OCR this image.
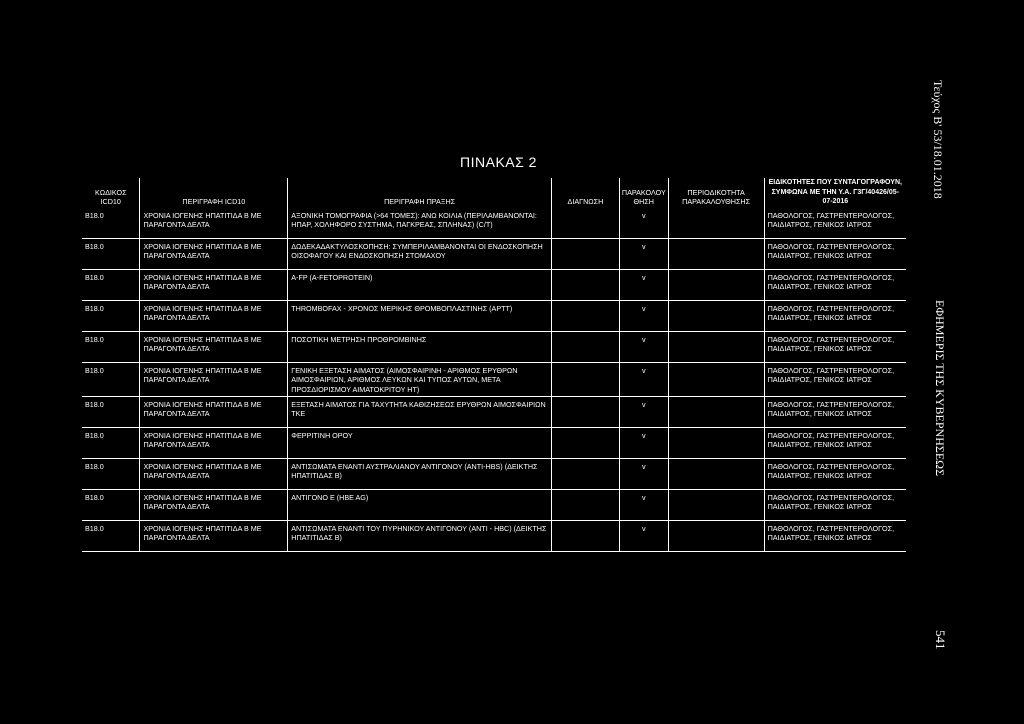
ΠΙΝΑΚΑΣ 2	Τεύχος Β' 53/18.01.2018
ΕΦΗΜΕΡΙΣ ΤΗΣ ΚΥΒΕΡΝΗΣΕΩΣ
541
ΚΩΔΙΚΟΣ ICD10	ΠΕΡΙΓΡΑΦΗ ICD10	ΠΕΡΙΓΡΑΦΗ ΠΡΑΞΗΣ	ΔΙΑΓΝΩΣΗ	ΠΑΡΑΚΟΛΟΥ ΘΗΣΗ	ΠΕΡΙΟΔΙΚΟΤΗΤΑ ΠΑΡΑΚΑΛΟΥΘΗΣΗΣ	ΕΙΔΙΚΟΤΗΤΕΣ ΠΟΥ ΣΥΝΤΑΓΟΓΡΑΦΟΥΝ, ΣΥΜΦΩΝΑ ΜΕ ΤΗΝ Υ.Α. Γ3Γ/40426/05-07-2016
B18.0	ΧΡΟΝΙΑ ΙΟΓΕΝΗΣ ΗΠΑΤΙΤΙΔΑ Β ΜΕ ΠΑΡΑΓΟΝΤΑ ΔΕΛΤΑ	ΑΞΟΝΙΚΗ ΤΟΜΟΓΡΑΦΙΑ (>64 ΤΟΜΕΣ): ΑΝΩ ΚΟΙΛΙΑ (ΠΕΡΙΛΑΜΒΑΝΟΝΤΑΙ: ΗΠΑΡ, ΧΟΛΗΦΟΡΟ ΣΥΣΤΗΜΑ, ΠΑΓΚΡΕΑΣ, ΣΠΛΗΝΑΣ) (C/T)		v		ΠΑΘΟΛΟΓΟΣ, ΓΑΣΤΡΕΝΤΕΡΟΛΟΓΟΣ, ΠΑΙΔΙΑΤΡΟΣ, ΓΕΝΙΚΟΣ ΙΑΤΡΟΣ
B18.0	ΧΡΟΝΙΑ ΙΟΓΕΝΗΣ ΗΠΑΤΙΤΙΔΑ Β ΜΕ ΠΑΡΑΓΟΝΤΑ ΔΕΛΤΑ	ΔΩΔΕΚΑΔΑΚΤΥΛΟΣΚΟΠΗΣΗ: ΣΥΜΠΕΡΙΛΑΜΒΑΝΟΝΤΑΙ ΟΙ ΕΝΔΟΣΚΟΠΗΣΗ ΟΙΣΟΦΑΓΟΥ ΚΑΙ ΕΝΔΟΣΚΟΠΗΣΗ ΣΤΟΜΑΧΟΥ		v		ΠΑΘΟΛΟΓΟΣ, ΓΑΣΤΡΕΝΤΕΡΟΛΟΓΟΣ, ΠΑΙΔΙΑΤΡΟΣ, ΓΕΝΙΚΟΣ ΙΑΤΡΟΣ
B18.0	ΧΡΟΝΙΑ ΙΟΓΕΝΗΣ ΗΠΑΤΙΤΙΔΑ Β ΜΕ ΠΑΡΑΓΟΝΤΑ ΔΕΛΤΑ	A-FP (A-FETOPROTEIN)		v		ΠΑΘΟΛΟΓΟΣ, ΓΑΣΤΡΕΝΤΕΡΟΛΟΓΟΣ, ΠΑΙΔΙΑΤΡΟΣ, ΓΕΝΙΚΟΣ ΙΑΤΡΟΣ
B18.0	ΧΡΟΝΙΑ ΙΟΓΕΝΗΣ ΗΠΑΤΙΤΙΔΑ Β ΜΕ ΠΑΡΑΓΟΝΤΑ ΔΕΛΤΑ	THROMBOFAX - ΧΡΟΝΟΣ ΜΕΡΙΚΗΣ ΘΡΟΜΒΟΠΛΑΣΤΙΝΗΣ (APTT)		v		ΠΑΘΟΛΟΓΟΣ, ΓΑΣΤΡΕΝΤΕΡΟΛΟΓΟΣ, ΠΑΙΔΙΑΤΡΟΣ, ΓΕΝΙΚΟΣ ΙΑΤΡΟΣ
B18.0	ΧΡΟΝΙΑ ΙΟΓΕΝΗΣ ΗΠΑΤΙΤΙΔΑ Β ΜΕ ΠΑΡΑΓΟΝΤΑ ΔΕΛΤΑ	ΠΟΣΟΤΙΚΗ ΜΕΤΡΗΣΗ ΠΡΟΘΡΟΜΒΙΝΗΣ		v		ΠΑΘΟΛΟΓΟΣ, ΓΑΣΤΡΕΝΤΕΡΟΛΟΓΟΣ, ΠΑΙΔΙΑΤΡΟΣ, ΓΕΝΙΚΟΣ ΙΑΤΡΟΣ
B18.0	ΧΡΟΝΙΑ ΙΟΓΕΝΗΣ ΗΠΑΤΙΤΙΔΑ Β ΜΕ ΠΑΡΑΓΟΝΤΑ ΔΕΛΤΑ	ΓΕΝΙΚΗ ΕΞΕΤΑΣΗ ΑΙΜΑΤΟΣ (ΑΙΜΟΣΦΑΙΡΙΝΗ - ΑΡΙΘΜΟΣ ΕΡΥΘΡΩΝ ΑΙΜΟΣΦΑΙΡΙΩΝ, ΑΡΙΘΜΟΣ ΛΕΥΚΩΝ ΚΑΙ ΤΥΠΟΣ ΑΥΤΩΝ, ΜΕΤΑ ΠΡΟΣΔΙΟΡΙΣΜΟΥ ΑΙΜΑΤΟΚΡΙΤΟΥ ΗΤ)		v		ΠΑΘΟΛΟΓΟΣ, ΓΑΣΤΡΕΝΤΕΡΟΛΟΓΟΣ, ΠΑΙΔΙΑΤΡΟΣ, ΓΕΝΙΚΟΣ ΙΑΤΡΟΣ
B18.0	ΧΡΟΝΙΑ ΙΟΓΕΝΗΣ ΗΠΑΤΙΤΙΔΑ Β ΜΕ ΠΑΡΑΓΟΝΤΑ ΔΕΛΤΑ	ΕΞΕΤΑΣΗ ΑΙΜΑΤΟΣ ΓΙΑ ΤΑΧΥΤΗΤΑ ΚΑΘΙΖΗΣΕΩΣ ΕΡΥΘΡΩΝ ΑΙΜΟΣΦΑΙΡΙΩΝ ΤΚΕ		v		ΠΑΘΟΛΟΓΟΣ, ΓΑΣΤΡΕΝΤΕΡΟΛΟΓΟΣ, ΠΑΙΔΙΑΤΡΟΣ, ΓΕΝΙΚΟΣ ΙΑΤΡΟΣ
B18.0	ΧΡΟΝΙΑ ΙΟΓΕΝΗΣ ΗΠΑΤΙΤΙΔΑ Β ΜΕ ΠΑΡΑΓΟΝΤΑ ΔΕΛΤΑ	ΦΕΡΡΙΤΙΝΗ ΟΡΟΥ		v		ΠΑΘΟΛΟΓΟΣ, ΓΑΣΤΡΕΝΤΕΡΟΛΟΓΟΣ, ΠΑΙΔΙΑΤΡΟΣ, ΓΕΝΙΚΟΣ ΙΑΤΡΟΣ
B18.0	ΧΡΟΝΙΑ ΙΟΓΕΝΗΣ ΗΠΑΤΙΤΙΔΑ Β ΜΕ ΠΑΡΑΓΟΝΤΑ ΔΕΛΤΑ	ΑΝΤΙΣΩΜΑΤΑ ΕΝΑΝΤΙ ΑΥΣΤΡΑΛΙΑΝΟΥ ΑΝΤΙΓΟΝΟΥ (ANTI-HBS) (ΔΕΙΚΤΗΣ ΗΠΑΤΙΤΙΔΑΣ Β)		v		ΠΑΘΟΛΟΓΟΣ, ΓΑΣΤΡΕΝΤΕΡΟΛΟΓΟΣ, ΠΑΙΔΙΑΤΡΟΣ, ΓΕΝΙΚΟΣ ΙΑΤΡΟΣ
B18.0	ΧΡΟΝΙΑ ΙΟΓΕΝΗΣ ΗΠΑΤΙΤΙΔΑ Β ΜΕ ΠΑΡΑΓΟΝΤΑ ΔΕΛΤΑ	ΑΝΤΙΓΟΝΟ Ε (HBE AG)		v		ΠΑΘΟΛΟΓΟΣ, ΓΑΣΤΡΕΝΤΕΡΟΛΟΓΟΣ, ΠΑΙΔΙΑΤΡΟΣ, ΓΕΝΙΚΟΣ ΙΑΤΡΟΣ
B18.0	ΧΡΟΝΙΑ ΙΟΓΕΝΗΣ ΗΠΑΤΙΤΙΔΑ Β ΜΕ ΠΑΡΑΓΟΝΤΑ ΔΕΛΤΑ	ΑΝΤΙΣΩΜΑΤΑ ΕΝΑΝΤΙ ΤΟΥ ΠΥΡΗΝΙΚΟΥ ΑΝΤΙΓΟΝΟΥ (ANTI - HBC) (ΔΕΙΚΤΗΣ ΗΠΑΤΙΤΙΔΑΣ Β)		v		ΠΑΘΟΛΟΓΟΣ, ΓΑΣΤΡΕΝΤΕΡΟΛΟΓΟΣ, ΠΑΙΔΙΑΤΡΟΣ, ΓΕΝΙΚΟΣ ΙΑΤΡΟΣ
